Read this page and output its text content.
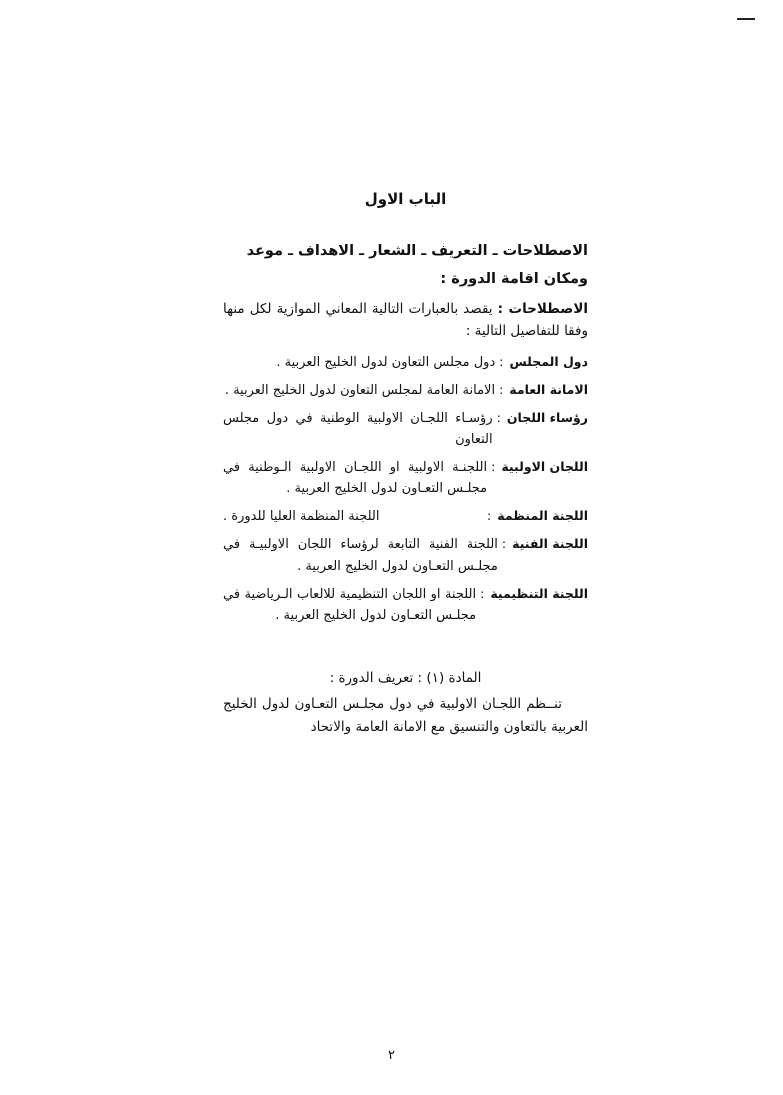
الباب الاول

الاصطلاحات ـ التعريف ـ الشعار ـ الاهداف ـ موعد

ومكان اقامة الدورة :

الاصطلاحات : يقصد بالعبارات التالية المعاني الموازية لكل منها وفقا للتفاصيل التالية :

دول المجلس
:
دول مجلس التعاون لدول الخليج العربية .
الامانة العامة
:
الامانة العامة لمجلس التعاون لدول الخليج العربية .
رؤساء اللجان
:
رؤسـاء اللجـان الاولبية الوطنية في دول مجلس التعاون
اللجان الاولبية
:
اللجنـة الاولبية او اللجـان الاولبية الـوطنية في مجلـس التعـاون لدول الخليج العربية .
اللجنة المنظمة
:
اللجنة المنظمة العليا للدورة .
اللجنة الفنية
:
اللجنة الفنية التابعة لرؤساء اللجان الاولبيـة في مجلـس التعـاون لدول الخليج العربية .
اللجنة التنظيمية
:
اللجنة او اللجان التنظيمية للالعاب الـرياضية في مجلـس التعـاون لدول الخليج العربية .

المادة (١) : تعريف الدورة :

تنــظم اللجـان الاولبية في دول مجلـس التعـاون لدول الخليج العربية بالتعاون والتنسيق مع الامانة العامة والاتحاد

٢
